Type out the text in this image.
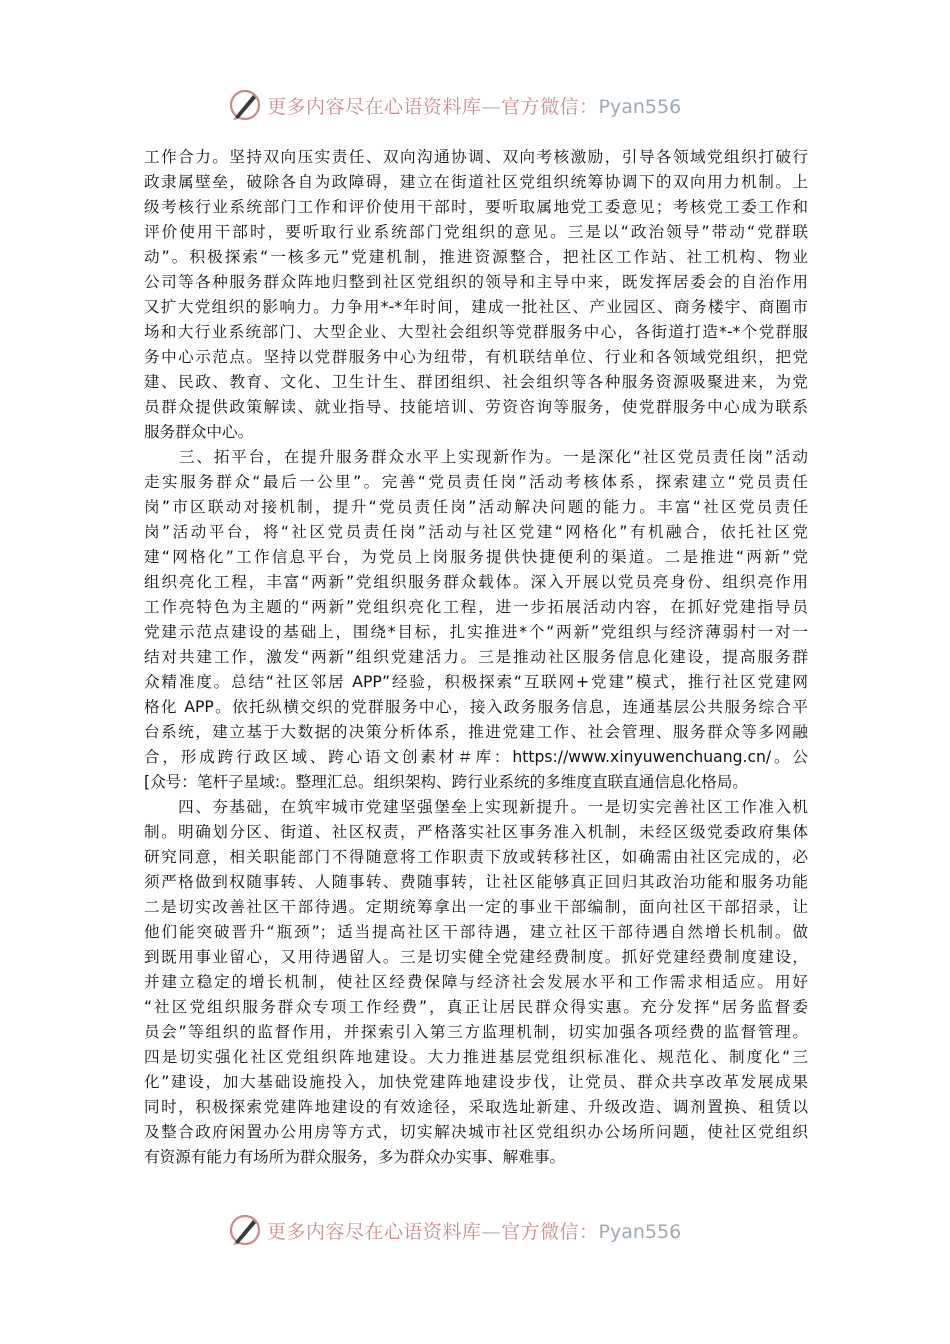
更多内容尽在心语资料库—官方微信：Pyan556
工作合力。坚持双向压实责任、双向沟通协调、双向考核激励，引导各领域党组织打破行
政隶属壁垒，破除各自为政障碍，建立在街道社区党组织统筹协调下的双向用力机制。上
级考核行业系统部门工作和评价使用干部时，要听取属地党工委意见；考核党工委工作和
评价使用干部时，要听取行业系统部门党组织的意见。三是以“政治领导”带动“党群联
动”。积极探索“一核多元”党建机制，推进资源整合，把社区工作站、社工机构、物业
公司等各种服务群众阵地归整到社区党组织的领导和主导中来，既发挥居委会的自治作用
又扩大党组织的影响力。力争用*-*年时间，建成一批社区、产业园区、商务楼宇、商圈市
场和大行业系统部门、大型企业、大型社会组织等党群服务中心，各街道打造*-*个党群服
务中心示范点。坚持以党群服务中心为纽带，有机联结单位、行业和各领域党组织，把党
建、民政、教育、文化、卫生计生、群团组织、社会组织等各种服务资源吸聚进来，为党
员群众提供政策解读、就业指导、技能培训、劳资咨询等服务，使党群服务中心成为联系
服务群众中心。
　　三、拓平台，在提升服务群众水平上实现新作为。一是深化“社区党员责任岗”活动
走实服务群众“最后一公里”。完善“党员责任岗”活动考核体系，探索建立“党员责任
岗”市区联动对接机制，提升“党员责任岗”活动解决问题的能力。丰富“社区党员责任
岗”活动平台，将“社区党员责任岗”活动与社区党建“网格化”有机融合，依托社区党
建“网格化”工作信息平台，为党员上岗服务提供快捷便利的渠道。二是推进“两新”党
组织亮化工程，丰富“两新”党组织服务群众载体。深入开展以党员亮身份、组织亮作用
工作亮特色为主题的“两新”党组织亮化工程，进一步拓展活动内容，在抓好党建指导员
党建示范点建设的基础上，围绕*目标，扎实推进*个“两新”党组织与经济薄弱村一对一
结对共建工作，激发“两新”组织党建活力。三是推动社区服务信息化建设，提高服务群
众精准度。总结“社区邻居 APP”经验，积极探索“互联网+党建”模式，推行社区党建网
格化 APP。依托纵横交织的党群服务中心，接入政务服务信息，连通基层公共服务综合平
台系统，建立基于大数据的决策分析体系，推进党建工作、社会管理、服务群众等多网融
合，形成跨行政区域、跨心语文创素材＃库：https://www.xinyuwenchuang.cn/。公
[众号：笔杆子星域:。整理汇总。组织架构、跨行业系统的多维度直联直通信息化格局。
　　四、夯基础，在筑牢城市党建坚强堡垒上实现新提升。一是切实完善社区工作准入机
制。明确划分区、街道、社区权责，严格落实社区事务准入机制，未经区级党委政府集体
研究同意，相关职能部门不得随意将工作职责下放或转移社区，如确需由社区完成的，必
须严格做到权随事转、人随事转、费随事转，让社区能够真正回归其政治功能和服务功能
二是切实改善社区干部待遇。定期统筹拿出一定的事业干部编制，面向社区干部招录，让
他们能突破晋升“瓶颈”；适当提高社区干部待遇，建立社区干部待遇自然增长机制。做
到既用事业留心，又用待遇留人。三是切实健全党建经费制度。抓好党建经费制度建设，
并建立稳定的增长机制，使社区经费保障与经济社会发展水平和工作需求相适应。用好
“社区党组织服务群众专项工作经费”，真正让居民群众得实惠。充分发挥“居务监督委
员会”等组织的监督作用，并探索引入第三方监理机制，切实加强各项经费的监督管理。
四是切实强化社区党组织阵地建设。大力推进基层党组织标准化、规范化、制度化“三
化”建设，加大基础设施投入，加快党建阵地建设步伐，让党员、群众共享改革发展成果
同时，积极探索党建阵地建设的有效途径，采取选址新建、升级改造、调剂置换、租赁以
及整合政府闲置办公用房等方式，切实解决城市社区党组织办公场所问题，使社区党组织
有资源有能力有场所为群众服务，多为群众办实事、解难事。
更多内容尽在心语资料库—官方微信：Pyan556
